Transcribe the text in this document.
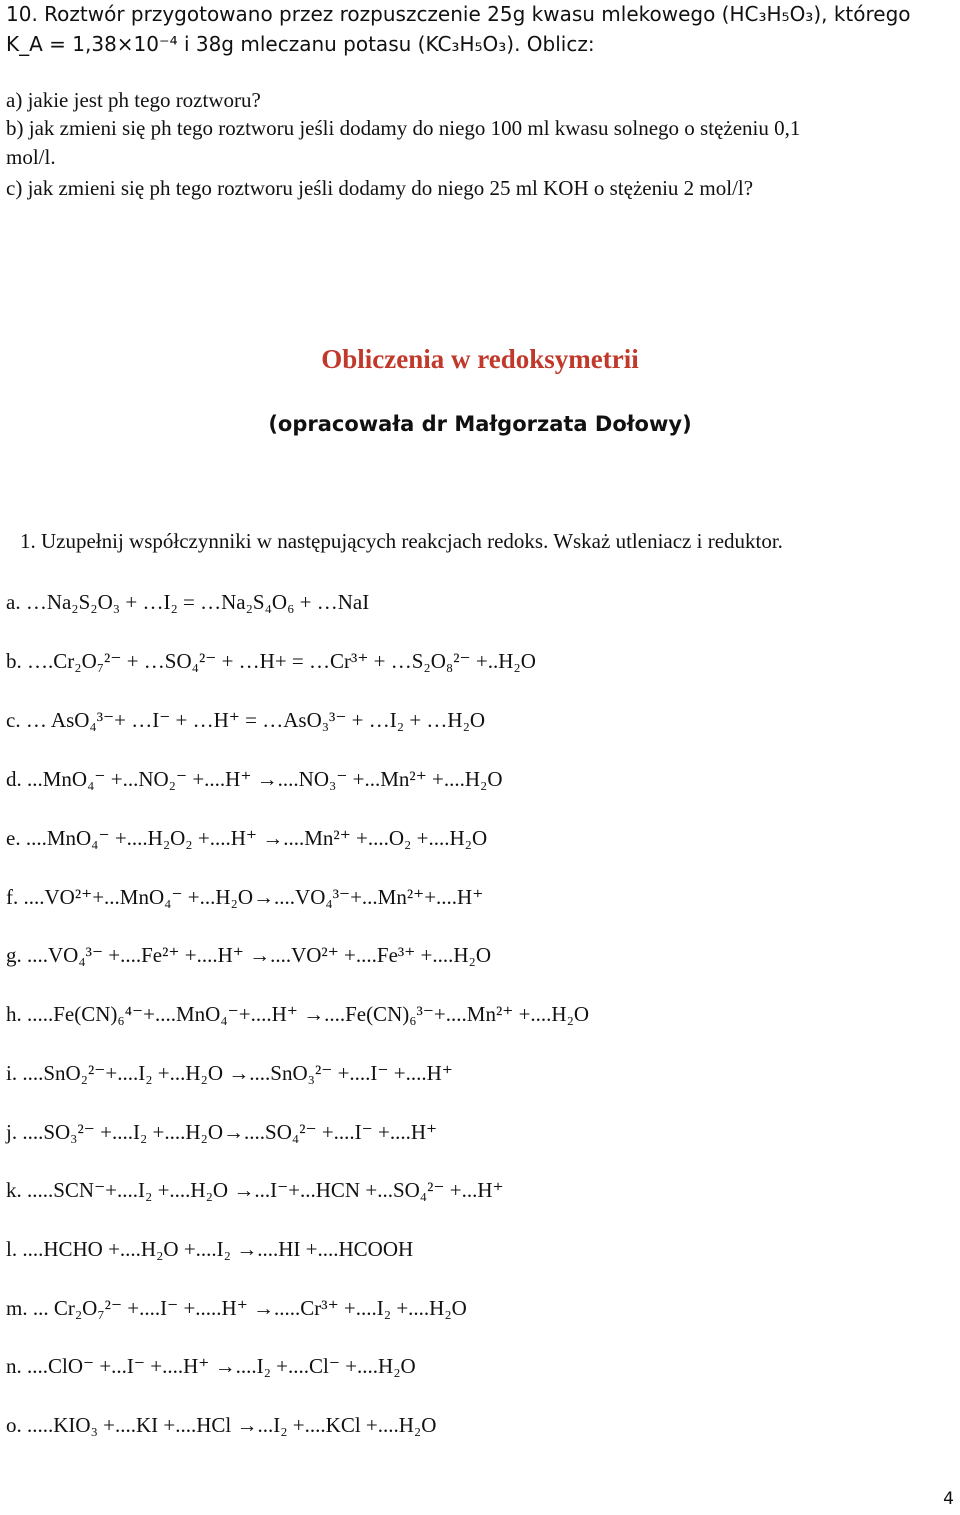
10. Roztwór przygotowano przez rozpuszczenie 25g kwasu mlekowego (HC₃H₅O₃), którego
K_A = 1,38×10⁻⁴ i 38g mleczanu potasu (KC₃H₅O₃). Oblicz:
a) jakie jest ph tego roztworu?
b) jak zmieni się ph tego roztworu jeśli dodamy do niego 100 ml kwasu solnego o stężeniu 0,1
mol/l.
c) jak zmieni się ph tego roztworu jeśli dodamy do niego 25 ml KOH o stężeniu 2 mol/l?
Obliczenia w redoksymetrii
(opracowała dr Małgorzata Dołowy)
1. Uzupełnij współczynniki w następujących reakcjach redoks. Wskaż utleniacz i reduktor.
a. …Na₂S₂O₃ + …I₂ = …Na₂S₄O₆ + …NaI
b. ….Cr₂O₇²⁻ + …SO₄²⁻ + …H+ = …Cr³⁺ + …S₂O₈²⁻ +..H₂O
c. … AsO₄³⁻+ …I⁻ + …H⁺ = …AsO₃³⁻ + …I₂ + …H₂O
d. ...MnO₄⁻ +...NO₂⁻ +....H⁺ →....NO₃⁻ +...Mn²⁺ +....H₂O
e. ....MnO₄⁻ +....H₂O₂ +....H⁺ →....Mn²⁺ +....O₂ +....H₂O
f. ....VO²⁺+...MnO₄⁻ +...H₂O→....VO₄³⁻+...Mn²⁺+....H⁺
g. ....VO₄³⁻ +....Fe²⁺ +....H⁺ →....VO²⁺ +....Fe³⁺ +....H₂O
h. .....Fe(CN)₆⁴⁻+....MnO₄⁻+....H⁺ →....Fe(CN)₆³⁻+....Mn²⁺ +....H₂O
i. ....SnO₂²⁻+....I₂ +...H₂O →....SnO₃²⁻ +....I⁻ +....H⁺
j. ....SO₃²⁻ +....I₂ +....H₂O→....SO₄²⁻ +....I⁻ +....H⁺
k. .....SCN⁻+....I₂ +....H₂O →...I⁻+...HCN +...SO₄²⁻ +...H⁺
l. ....HCHO +....H₂O +....I₂ →....HI +....HCOOH
m. ... Cr₂O₇²⁻ +....I⁻ +.....H⁺ →.....Cr³⁺ +....I₂ +....H₂O
n. ....ClO⁻ +...I⁻ +....H⁺ →....I₂ +....Cl⁻ +....H₂O
o. .....KIO₃ +....KI +....HCl →...I₂ +....KCl +....H₂O
4
